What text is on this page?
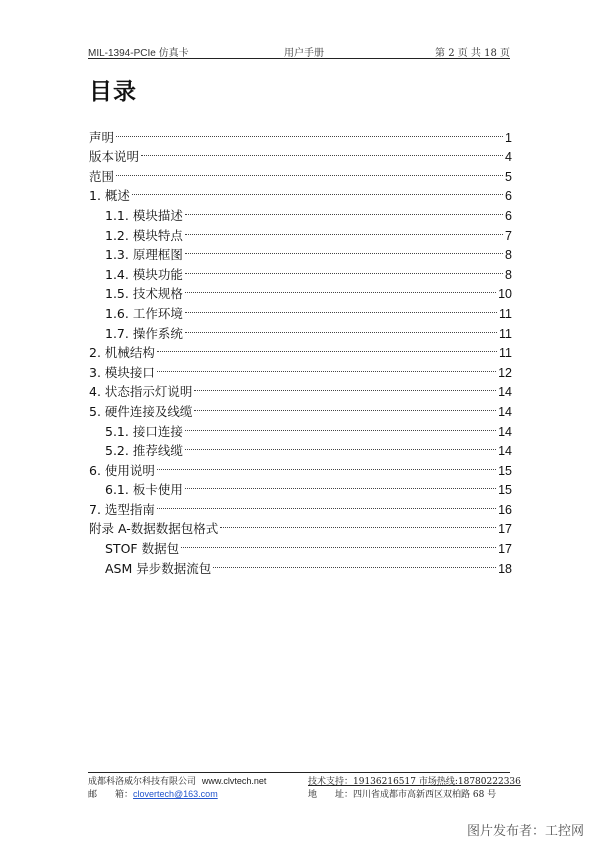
MIL-1394-PCIe 仿真卡	用户手册	第 2 页 共 18 页
目录
声明	1
版本说明	4
范围	5
1. 概述	6
1.1. 模块描述	6
1.2. 模块特点	7
1.3. 原理框图	8
1.4. 模块功能	8
1.5. 技术规格	10
1.6. 工作环境	11
1.7. 操作系统	11
2. 机械结构	11
3. 模块接口	12
4. 状态指示灯说明	14
5. 硬件连接及线缆	14
5.1. 接口连接	14
5.2. 推荐线缆	14
6. 使用说明	15
6.1. 板卡使用	15
7. 选型指南	16
附录 A-数据数据包格式	17
STOF 数据包	17
ASM 异步数据流包	18
成都科洛威尔科技有限公司 www.clvtech.net	技术支持：19136216517 市场热线:18780222336
邮　　箱：clovertech@163.com	地　　址：四川省成都市高新西区双柏路 68 号
图片发布者：工控网
